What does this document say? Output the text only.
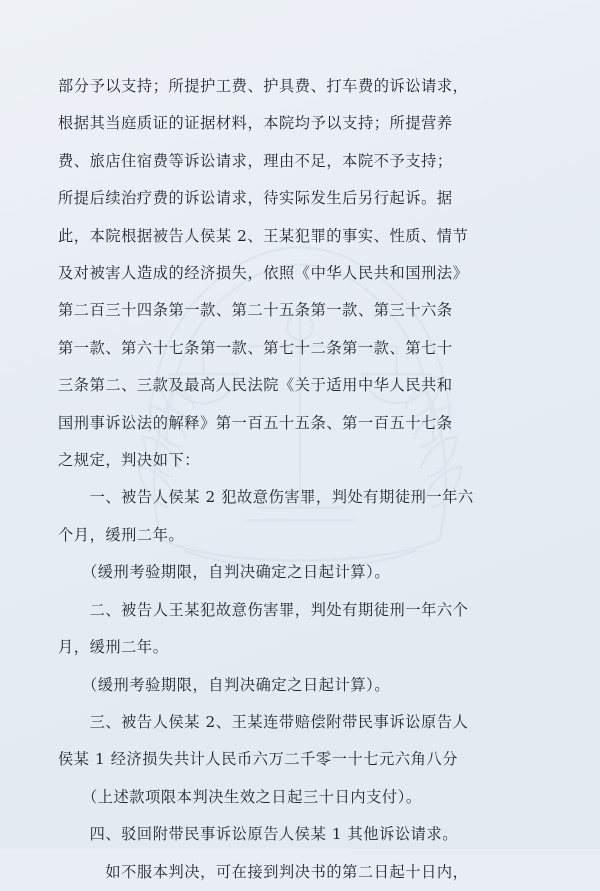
部分予以支持；所提护工费、护具费、打车费的诉讼请求，

根据其当庭质证的证据材料，本院均予以支持；所提营养

费、旅店住宿费等诉讼请求，理由不足，本院不予支持；

所提后续治疗费的诉讼请求，待实际发生后另行起诉。据

此，本院根据被告人侯某 2、王某犯罪的事实、性质、情节

及对被害人造成的经济损失，依照《中华人民共和国刑法》

第二百三十四条第一款、第二十五条第一款、第三十六条

第一款、第六十七条第一款、第七十二条第一款、第七十

三条第二、三款及最高人民法院《关于适用中华人民共和

国刑事诉讼法的解释》第一百五十五条、第一百五十七条

之规定，判决如下：

　　一、被告人侯某 2 犯故意伤害罪，判处有期徒刑一年六

个月，缓刑二年。

　　（缓刑考验期限，自判决确定之日起计算）。

　　二、被告人王某犯故意伤害罪，判处有期徒刑一年六个

月，缓刑二年。

　　（缓刑考验期限，自判决确定之日起计算）。

　　三、被告人侯某 2、王某连带赔偿附带民事诉讼原告人

侯某 1 经济损失共计人民币六万二千零一十七元六角八分

　　（上述款项限本判决生效之日起三十日内支付）。

　　四、驳回附带民事诉讼原告人侯某 1 其他诉讼请求。

　　　如不服本判决，可在接到判决书的第二日起十日内，
